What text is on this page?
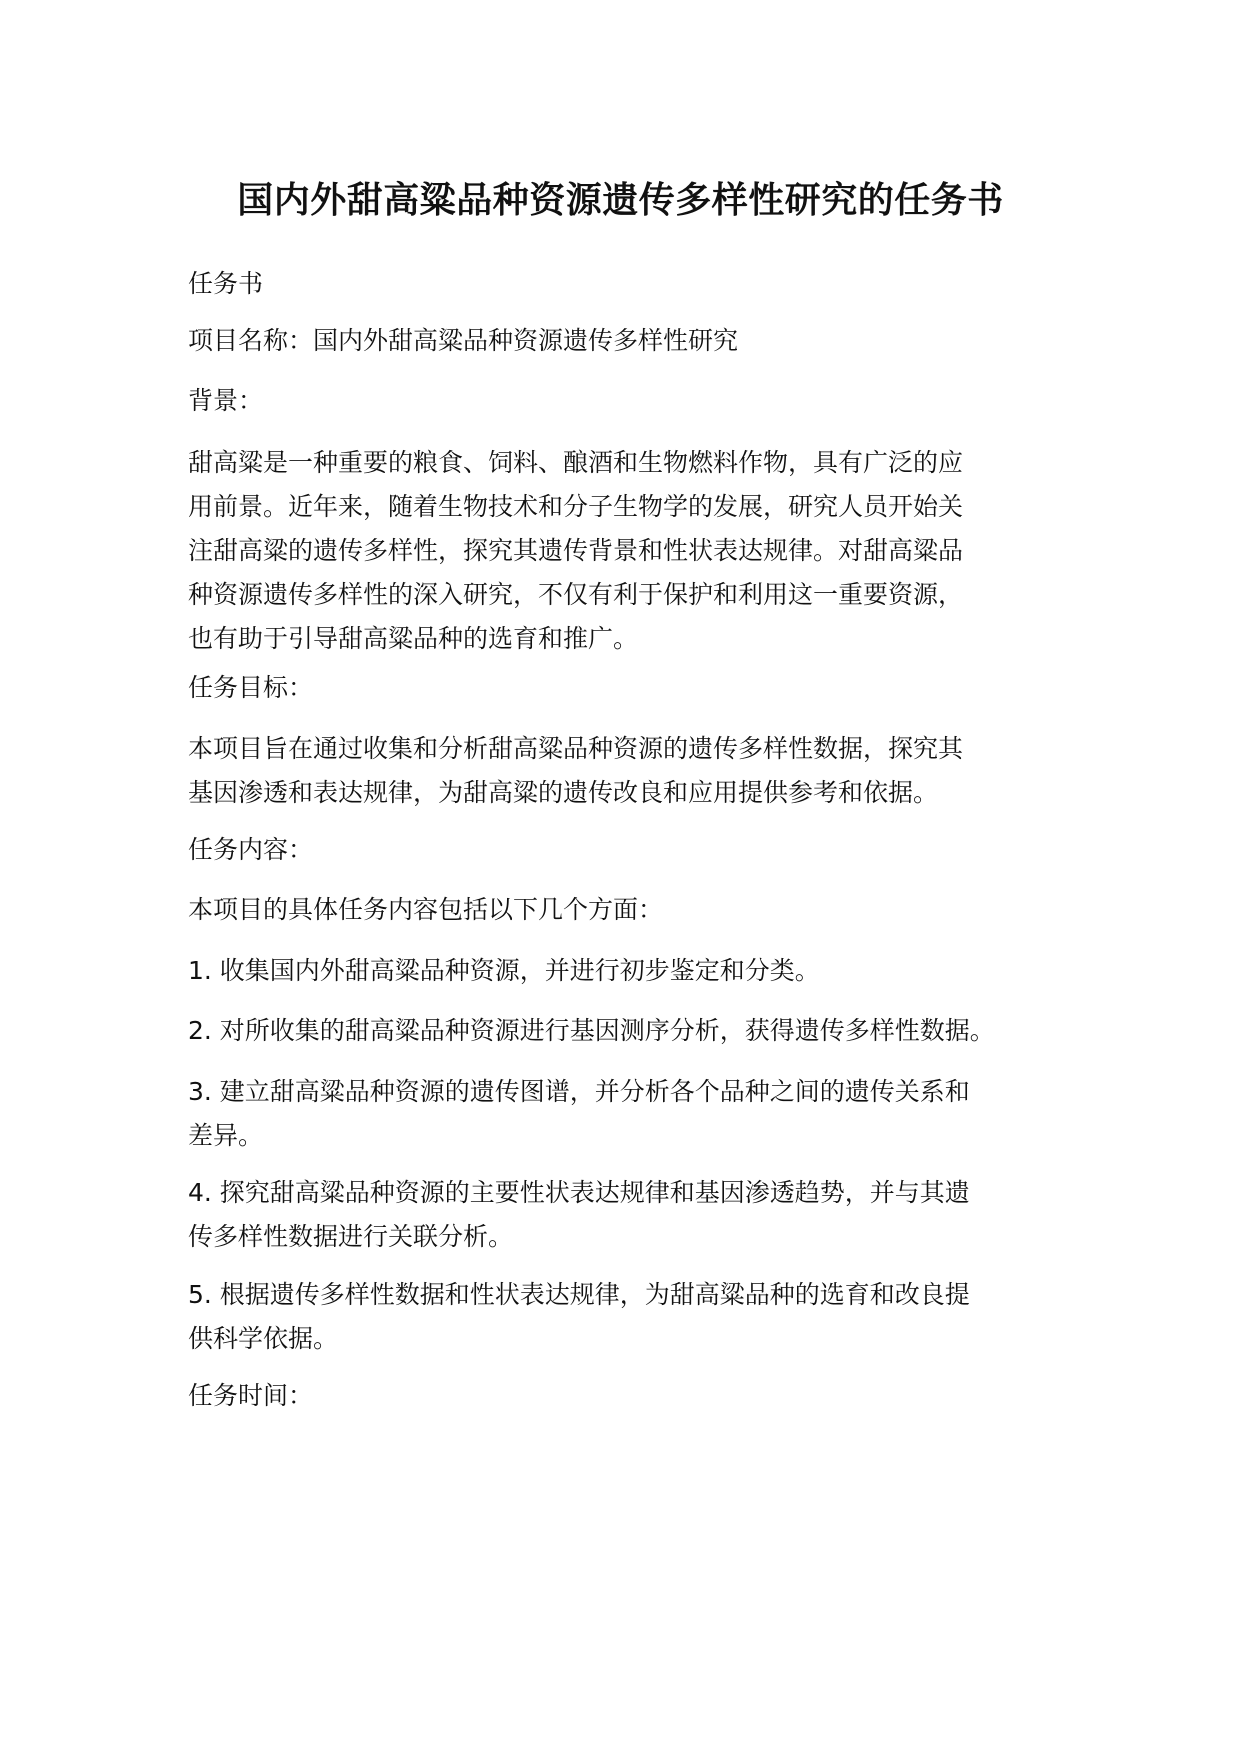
国内外甜高粱品种资源遗传多样性研究的任务书

任务书

项目名称：国内外甜高粱品种资源遗传多样性研究

背景：

甜高粱是一种重要的粮食、饲料、酿酒和生物燃料作物，具有广泛的应
用前景。近年来，随着生物技术和分子生物学的发展，研究人员开始关
注甜高粱的遗传多样性，探究其遗传背景和性状表达规律。对甜高粱品
种资源遗传多样性的深入研究，不仅有利于保护和利用这一重要资源，
也有助于引导甜高粱品种的选育和推广。

任务目标：

本项目旨在通过收集和分析甜高粱品种资源的遗传多样性数据，探究其
基因渗透和表达规律，为甜高粱的遗传改良和应用提供参考和依据。

任务内容：

本项目的具体任务内容包括以下几个方面：

1. 收集国内外甜高粱品种资源，并进行初步鉴定和分类。
2. 对所收集的甜高粱品种资源进行基因测序分析，获得遗传多样性数据。
3. 建立甜高粱品种资源的遗传图谱，并分析各个品种之间的遗传关系和
差异。
4. 探究甜高粱品种资源的主要性状表达规律和基因渗透趋势，并与其遗
传多样性数据进行关联分析。
5. 根据遗传多样性数据和性状表达规律，为甜高粱品种的选育和改良提
供科学依据。

任务时间：
